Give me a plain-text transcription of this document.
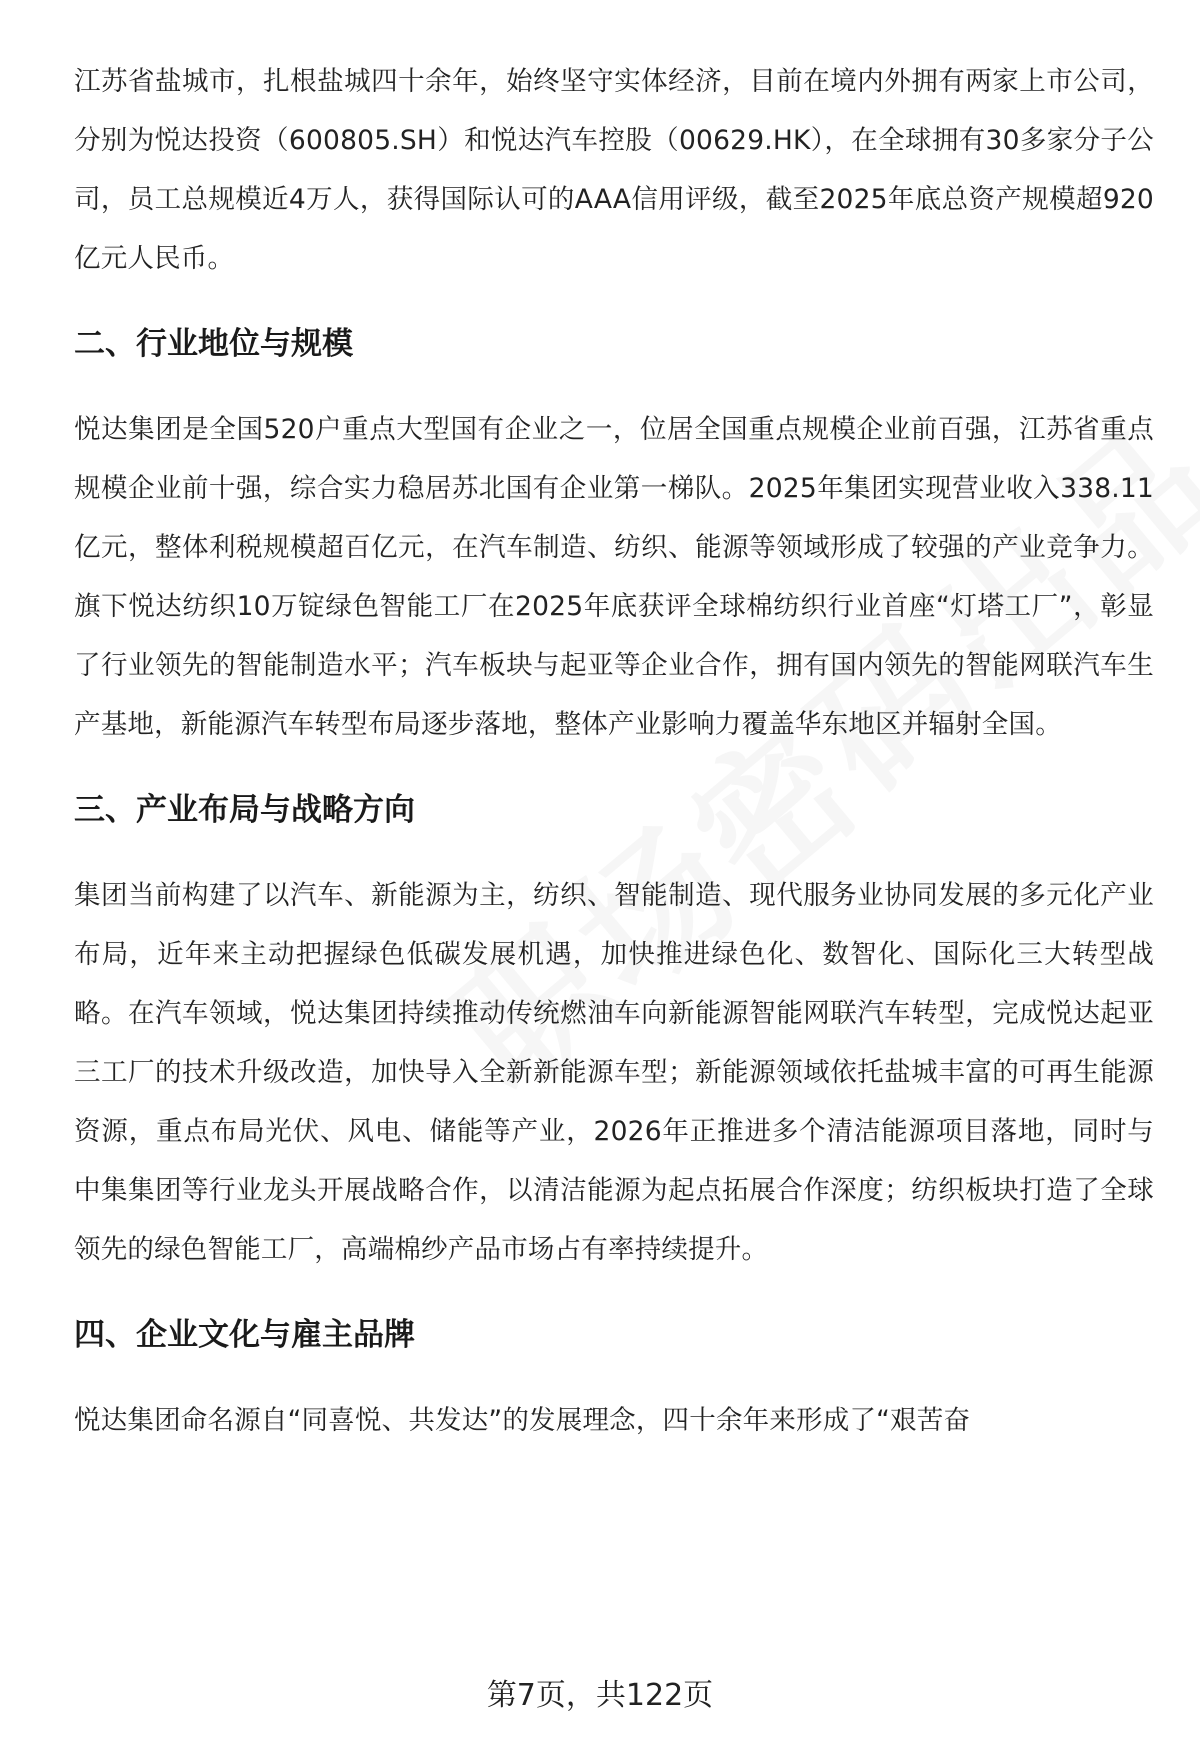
江苏省盐城市，扎根盐城四十余年，始终坚守实体经济，目前在境内外拥有两家上市公司，分别为悦达投资（600805.SH）和悦达汽车控股（00629.HK），在全球拥有30多家分子公司，员工总规模近4万人，获得国际认可的AAA信用评级，截至2025年底总资产规模超920亿元人民币。

二、行业地位与规模

悦达集团是全国520户重点大型国有企业之一，位居全国重点规模企业前百强，江苏省重点规模企业前十强，综合实力稳居苏北国有企业第一梯队。2025年集团实现营业收入338.11亿元，整体利税规模超百亿元，在汽车制造、纺织、能源等领域形成了较强的产业竞争力。旗下悦达纺织10万锭绿色智能工厂在2025年底获评全球棉纺织行业首座“灯塔工厂”，彰显了行业领先的智能制造水平；汽车板块与起亚等企业合作，拥有国内领先的智能网联汽车生产基地，新能源汽车转型布局逐步落地，整体产业影响力覆盖华东地区并辐射全国。

三、产业布局与战略方向

集团当前构建了以汽车、新能源为主，纺织、智能制造、现代服务业协同发展的多元化产业布局，近年来主动把握绿色低碳发展机遇，加快推进绿色化、数智化、国际化三大转型战略。在汽车领域，悦达集团持续推动传统燃油车向新能源智能网联汽车转型，完成悦达起亚三工厂的技术升级改造，加快导入全新新能源车型；新能源领域依托盐城丰富的可再生能源资源，重点布局光伏、风电、储能等产业，2026年正推进多个清洁能源项目落地，同时与中集集团等行业龙头开展战略合作，以清洁能源为起点拓展合作深度；纺织板块打造了全球领先的绿色智能工厂，高端棉纱产品市场占有率持续提升。

四、企业文化与雇主品牌

悦达集团命名源自“同喜悦、共发达”的发展理念，四十余年来形成了“艰苦奋

第7页，共122页
